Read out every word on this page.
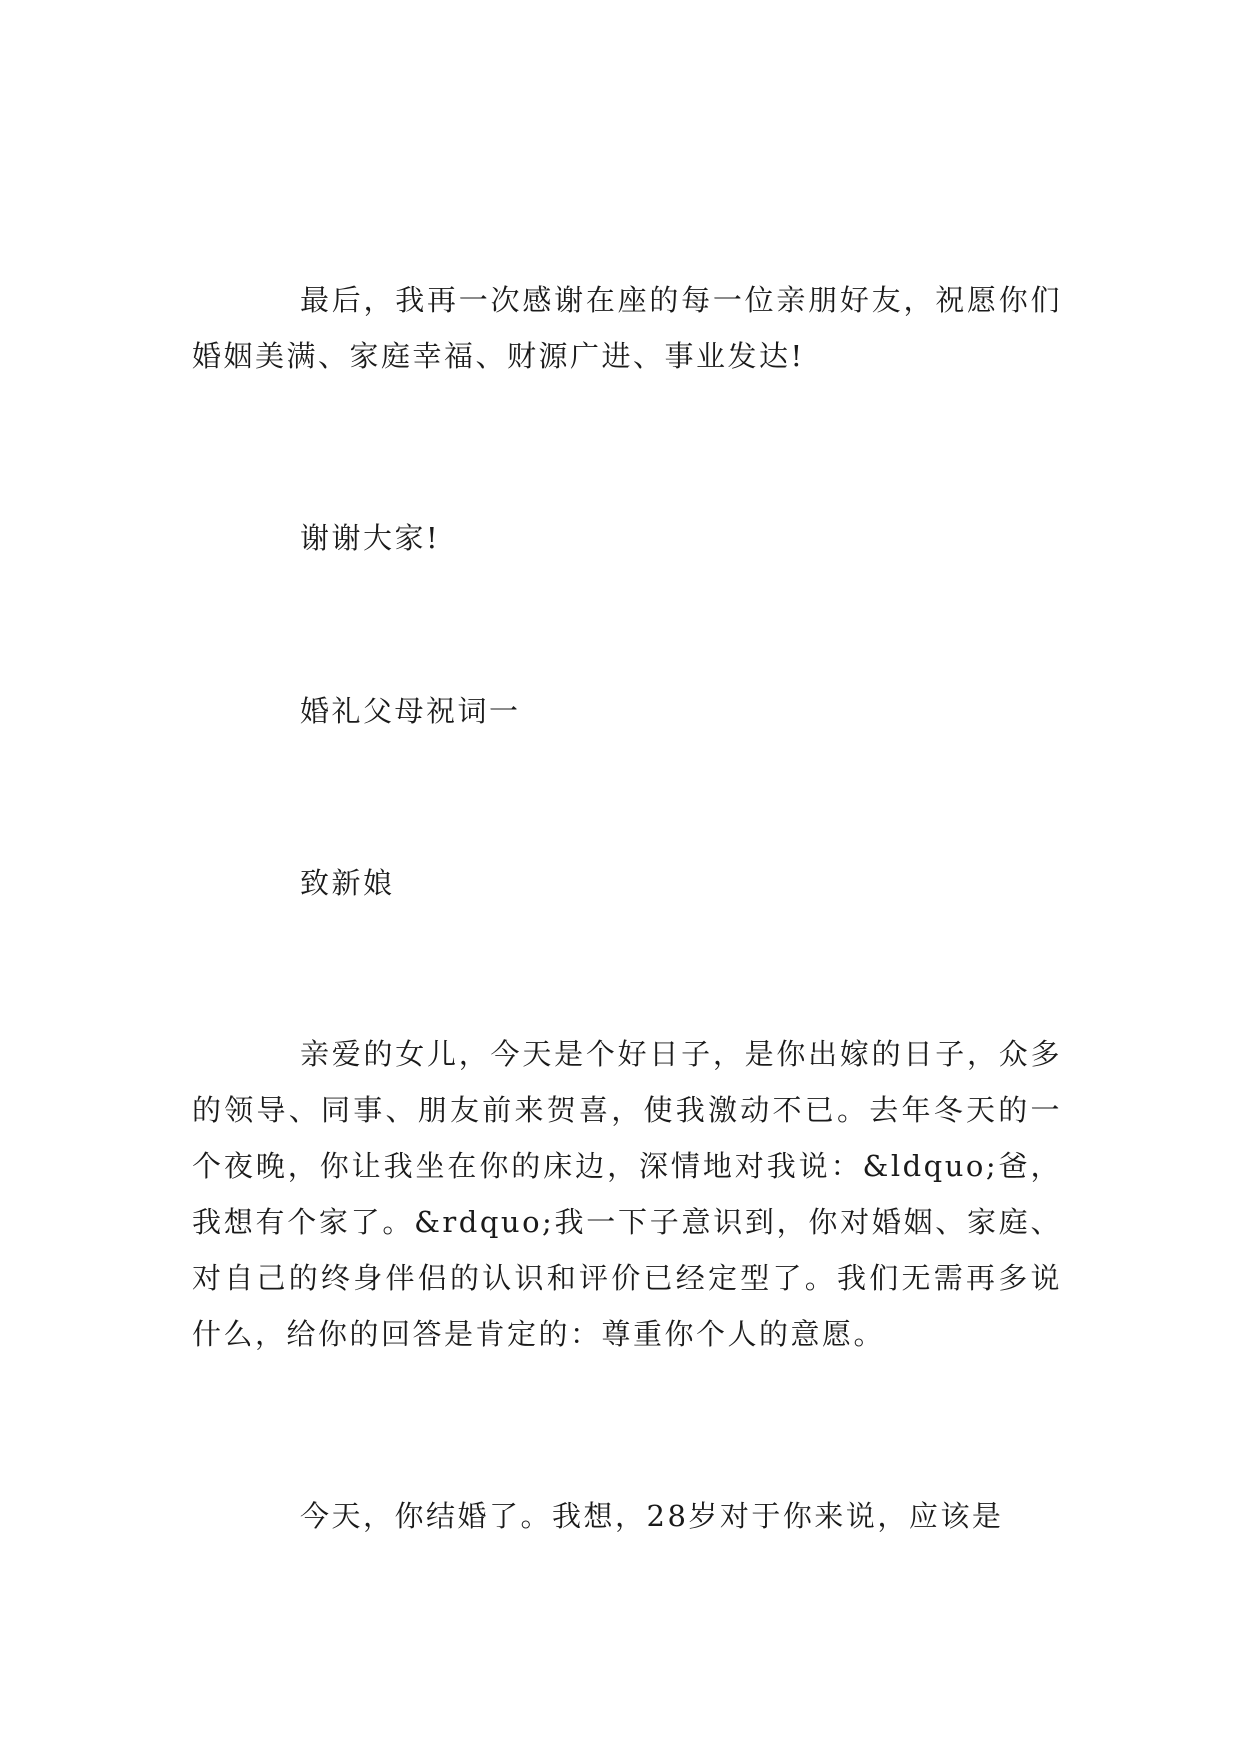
最后，我再一次感谢在座的每一位亲朋好友，祝愿你们婚姻美满、家庭幸福、财源广进、事业发达!

谢谢大家!

婚礼父母祝词一

致新娘

亲爱的女儿，今天是个好日子，是你出嫁的日子，众多的领导、同事、朋友前来贺喜，使我激动不已。去年冬天的一个夜晚，你让我坐在你的床边，深情地对我说：&ldquo;爸，我想有个家了。&rdquo;我一下子意识到，你对婚姻、家庭、对自己的终身伴侣的认识和评价已经定型了。我们无需再多说什么，给你的回答是肯定的：尊重你个人的意愿。

今天，你结婚了。我想，28岁对于你来说，应该是
